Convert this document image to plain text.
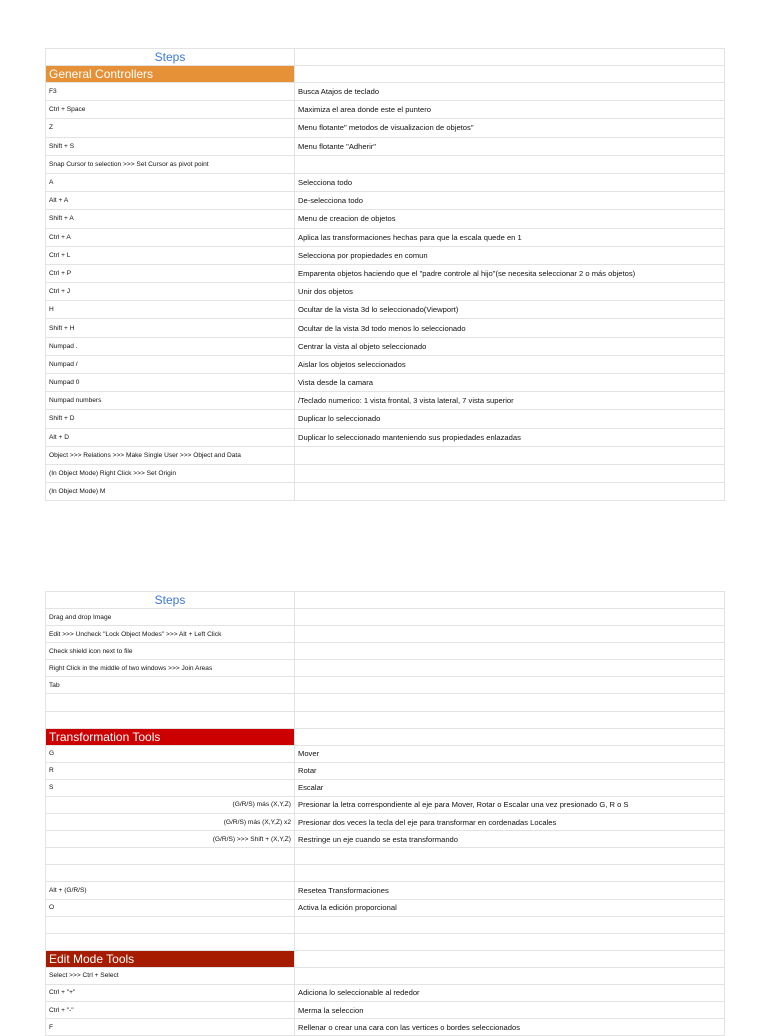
Steps	
General Controllers	
F3	Busca Atajos de teclado
Ctrl + Space	Maximiza el area donde este el puntero
Z	Menu flotante" metodos de visualizacion de objetos"
Shift + S	Menu flotante "Adherir"
Snap Cursor to selection >>> Set Cursor as pivot point	
A	Selecciona todo
Alt + A	De-selecciona todo
Shift + A	Menu de creacion de objetos
Ctrl + A	Aplica las transformaciones hechas para que la escala quede en 1
Ctrl + L	Selecciona por propiedades en comun
Ctrl + P	Emparenta objetos haciendo que el "padre controle al hijo"(se necesita seleccionar 2 o más objetos)
Ctrl + J	Unir dos objetos
H	Ocultar de la vista 3d lo seleccionado(Viewport)
Shift + H	Ocultar de la vista 3d todo menos lo seleccionado
Numpad .	Centrar la vista al objeto seleccionado
Numpad /	Aislar los objetos seleccionados
Numpad 0	Vista desde la camara
Numpad numbers	/Teclado numerico: 1 vista frontal, 3 vista lateral, 7 vista superior
Shift + D	Duplicar lo seleccionado
Alt + D	Duplicar lo seleccionado manteniendo sus propiedades enlazadas
Object >>> Relations >>> Make Single User >>> Object and Data	
(In Object Mode) Right Click >>> Set Origin	
(In Object Mode) M	
Steps	
Drag and drop Image	
Edit >>> Uncheck "Lock Object Modes" >>> Alt + Left Click	
Check shield icon next to file	
Right Click in the middle of two windows >>> Join Areas	
Tab	

Transformation Tools	
G	Mover
R	Rotar
S	Escalar
(G/R/S) más (X,Y,Z)	Presionar la letra correspondiente al eje para Mover, Rotar o Escalar una vez presionado G, R o S
(G/R/S) más (X,Y,Z) x2	Presionar dos veces la tecla del eje para transformar en cordenadas Locales
(G/R/S) >>> Shift + (X,Y,Z)	Restringe un eje cuando se esta transformando

Alt + (G/R/S)	Resetea Transformaciones
O	Activa la edición proporcional

Edit Mode Tools	
Select >>> Ctrl + Select	
Ctrl + "+"	Adiciona lo seleccionable al rededor
Ctrl + "-"	Merma la seleccion
F	Rellenar o crear una cara con las vertices o bordes seleccionados
